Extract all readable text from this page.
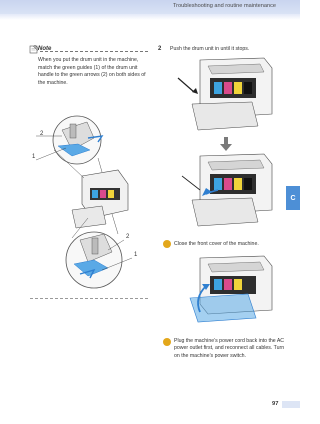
Troubleshooting and routine maintenance
C
Note
When you put the drum unit in the machine, match the green guides (1) of the drum unit handle to the green arrows (2) on both sides of the machine.
2
1
2
1
2 Push the drum unit in until it stops.
Close the front cover of the machine.
Plug the machine’s power cord back into the AC power outlet first, and reconnect all cables. Turn on the machine’s power switch.
97
